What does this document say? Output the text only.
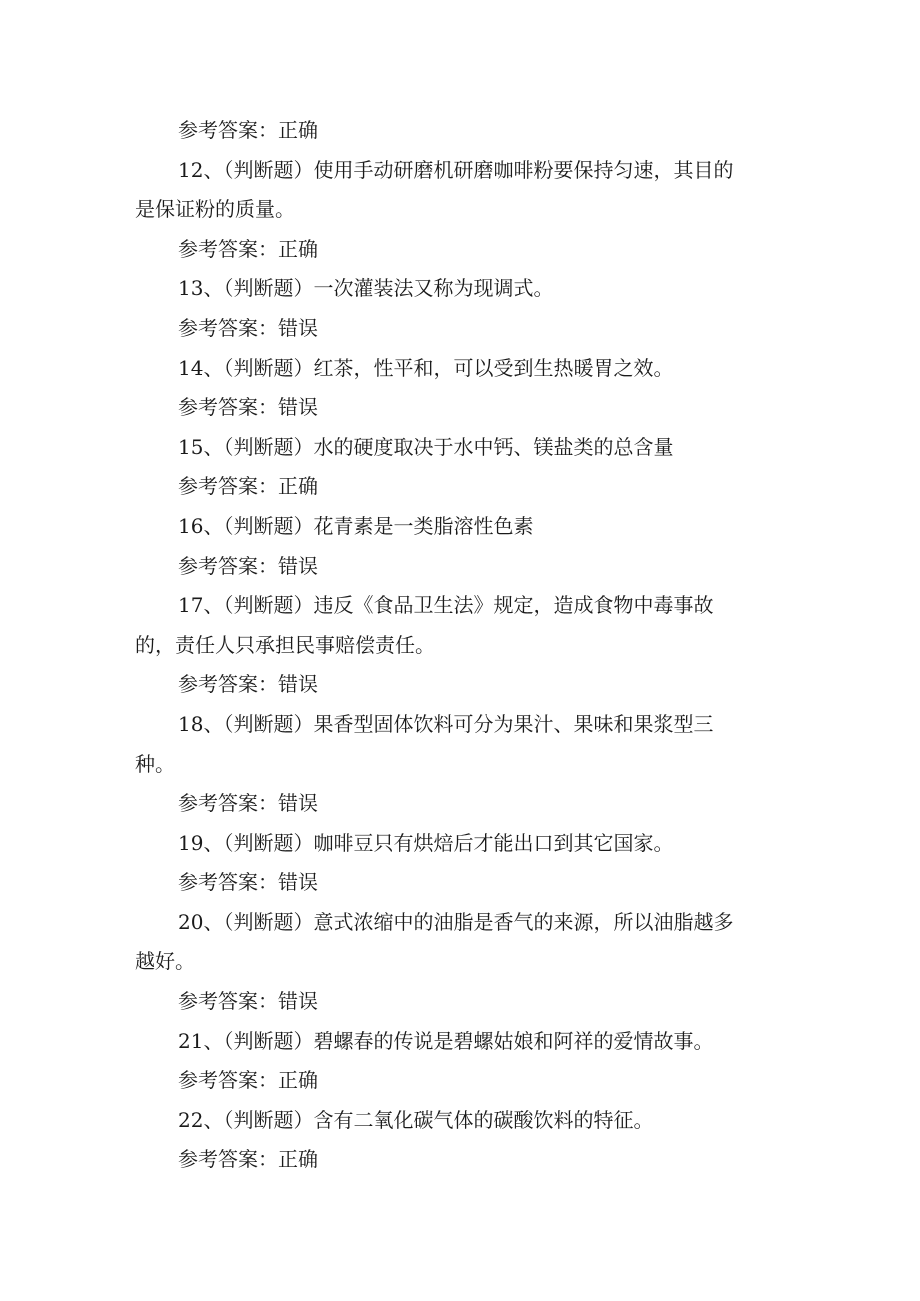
参考答案：正确

12、（判断题）使用手动研磨机研磨咖啡粉要保持匀速，其目的

是保证粉的质量。

参考答案：正确

13、（判断题）一次灌装法又称为现调式。

参考答案：错误

14、（判断题）红茶，性平和，可以受到生热暖胃之效。

参考答案：错误

15、（判断题）水的硬度取决于水中钙、镁盐类的总含量

参考答案：正确

16、（判断题）花青素是一类脂溶性色素

参考答案：错误

17、（判断题）违反《食品卫生法》规定，造成食物中毒事故

的，责任人只承担民事赔偿责任。

参考答案：错误

18、（判断题）果香型固体饮料可分为果汁、果味和果浆型三

种。

参考答案：错误

19、（判断题）咖啡豆只有烘焙后才能出口到其它国家。

参考答案：错误

20、（判断题）意式浓缩中的油脂是香气的来源，所以油脂越多

越好。

参考答案：错误

21、（判断题）碧螺春的传说是碧螺姑娘和阿祥的爱情故事。

参考答案：正确

22、（判断题）含有二氧化碳气体的碳酸饮料的特征。

参考答案：正确
